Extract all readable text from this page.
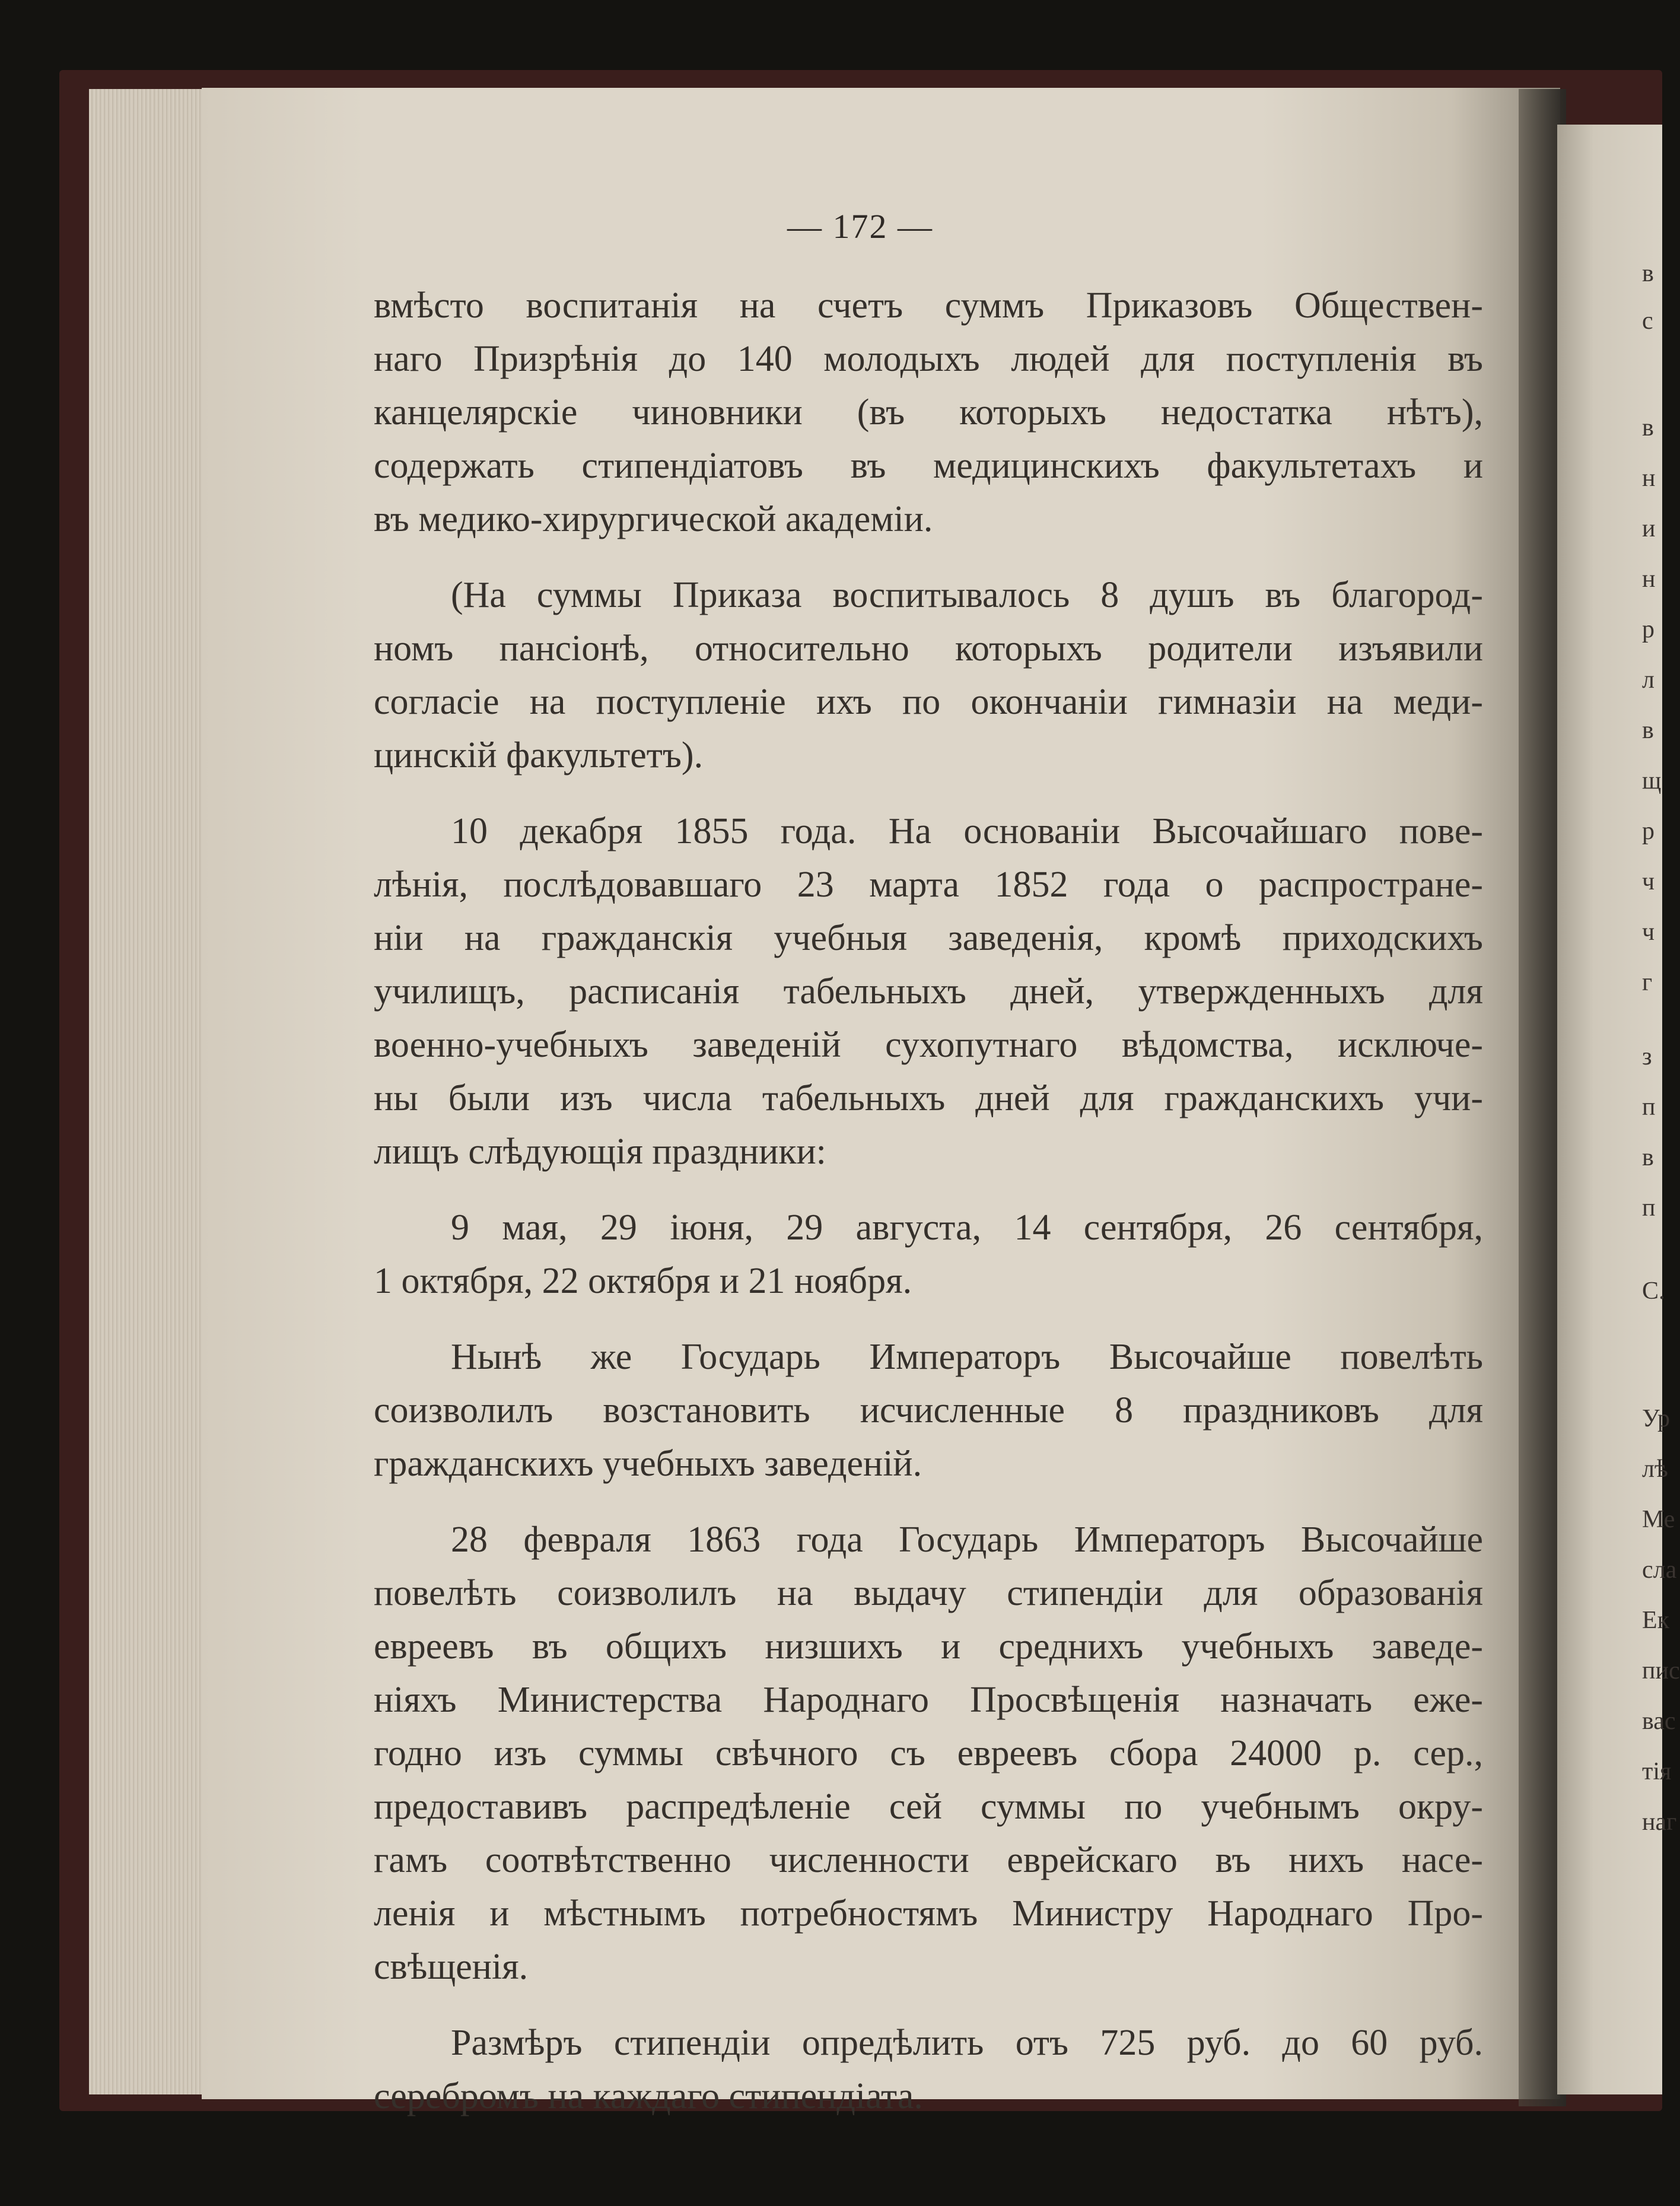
в
с
в
н
и
н
р
л
в
щ
р
ч
ч
г
з
п
в
п
С.
Ур
лѣ
Ме
сла
Ек
пис
вас
тія
наг
— 172 —
вмѣсто воспитанія на счетъ суммъ Приказовъ Обществен-
наго Призрѣнія до 140 молодыхъ людей для поступленія въ
канцелярскіе чиновники (въ которыхъ недостатка нѣтъ),
содержать стипендіатовъ въ медицинскихъ факультетахъ и
въ медико-хирургической академіи.
(На суммы Приказа воспитывалось 8 душъ въ благород-
номъ пансіонѣ, относительно которыхъ родители изъявили
согласіе на поступленіе ихъ по окончаніи гимназіи на меди-
цинскій факультетъ).
10 декабря 1855 года. На основаніи Высочайшаго пове-
лѣнія, послѣдовавшаго 23 марта 1852 года о распростране-
ніи на гражданскія учебныя заведенія, кромѣ приходскихъ
училищъ, расписанія табельныхъ дней, утвержденныхъ для
военно-учебныхъ заведеній сухопутнаго вѣдомства, исключе-
ны были изъ числа табельныхъ дней для гражданскихъ учи-
лищъ слѣдующія праздники:
9 мая, 29 іюня, 29 августа, 14 сентября, 26 сентября,
1 октября, 22 октября и 21 ноября.
Нынѣ же Государь Императоръ Высочайше повелѣть
соизволилъ возстановить исчисленные 8 праздниковъ для
гражданскихъ учебныхъ заведеній.
28 февраля 1863 года Государь Императоръ Высочайше
повелѣть соизволилъ на выдачу стипендіи для образованія
евреевъ въ общихъ низшихъ и среднихъ учебныхъ заведе-
ніяхъ Министерства Народнаго Просвѣщенія назначать еже-
годно изъ суммы свѣчного съ евреевъ сбора 24000 р. сер.,
предоставивъ распредѣленіе сей суммы по учебнымъ окру-
гамъ соотвѣтственно численности еврейскаго въ нихъ насе-
ленія и мѣстнымъ потребностямъ Министру Народнаго Про-
свѣщенія.
Размѣръ стипендіи опредѣлить отъ 725 руб. до 60 руб.
серебромъ на каждаго стипендіата.
